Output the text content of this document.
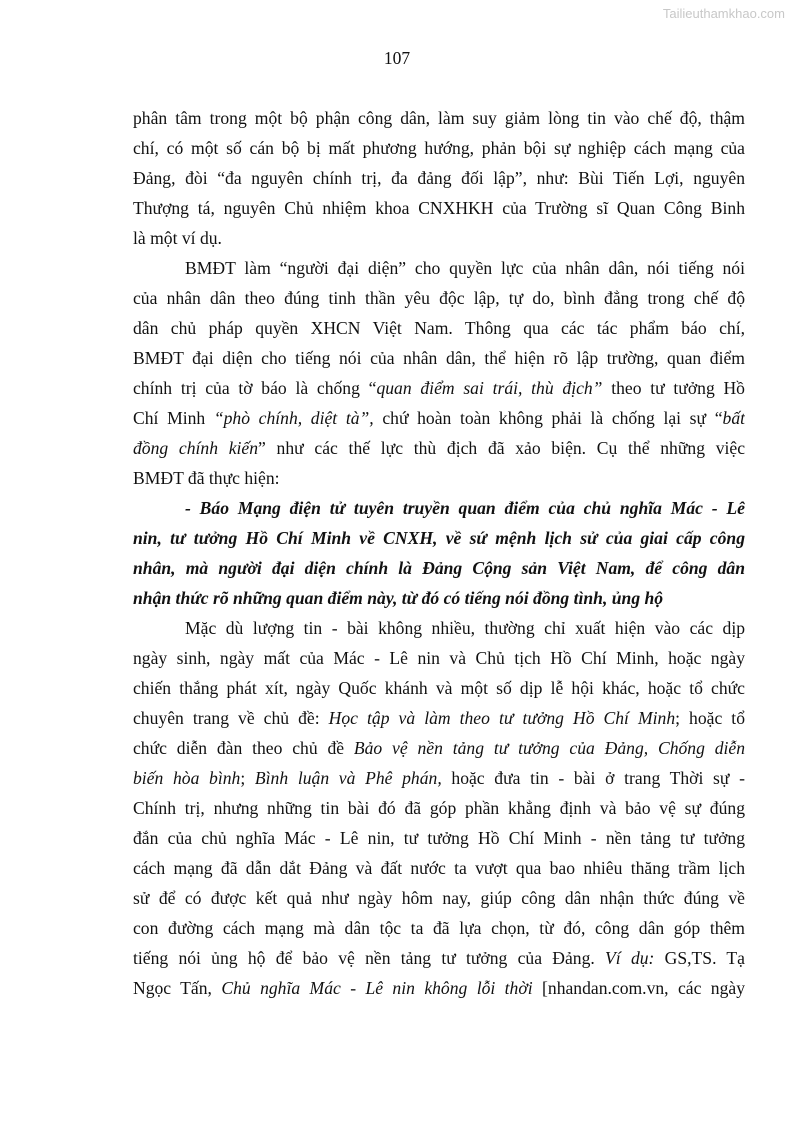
Tailieuthamkhao.com
107
phân tâm trong một bộ phận công dân, làm suy giảm lòng tin vào chế độ, thậm
chí, có một số cán bộ bị mất phương hướng, phản bội sự nghiệp cách mạng của
Đảng, đòi “đa nguyên chính trị, đa đảng đối lập”, như: Bùi Tiến Lợi, nguyên
Thượng tá, nguyên Chủ nhiệm khoa CNXHKH của Trường sĩ Quan Công Binh
là một ví dụ.
BMĐT làm “người đại diện” cho quyền lực của nhân dân, nói tiếng nói
của nhân dân theo đúng tinh thần yêu độc lập, tự do, bình đẳng trong chế độ
dân chủ pháp quyền XHCN Việt Nam. Thông qua các tác phẩm báo chí,
BMĐT đại diện cho tiếng nói của nhân dân, thể hiện rõ lập trường, quan điểm
chính trị của tờ báo là chống “quan điểm sai trái, thù địch” theo tư tưởng Hồ
Chí Minh “phò chính, diệt tà”, chứ hoàn toàn không phải là chống lại sự “bất
đồng chính kiến” như các thế lực thù địch đã xảo biện. Cụ thể những việc
BMĐT đã thực hiện:
- Báo Mạng điện tử tuyên truyền quan điểm của chủ nghĩa Mác - Lê
nin, tư tưởng Hồ Chí Minh về CNXH, về sứ mệnh lịch sử của giai cấp công
nhân, mà người đại diện chính là Đảng Cộng sản Việt Nam, để công dân
nhận thức rõ những quan điểm này, từ đó có tiếng nói đồng tình, ủng hộ
Mặc dù lượng tin - bài không nhiều, thường chỉ xuất hiện vào các dịp
ngày sinh, ngày mất của Mác - Lê nin và Chủ tịch Hồ Chí Minh, hoặc ngày
chiến thắng phát xít, ngày Quốc khánh và một số dịp lễ hội khác, hoặc tổ chức
chuyên trang về chủ đề: Học tập và làm theo tư tưởng Hồ Chí Minh; hoặc tổ
chức diễn đàn theo chủ đề Bảo vệ nền tảng tư tưởng của Đảng, Chống diễn
biến hòa bình; Bình luận và Phê phán, hoặc đưa tin - bài ở trang Thời sự -
Chính trị, nhưng những tin bài đó đã góp phần khẳng định và bảo vệ sự đúng
đắn của chủ nghĩa Mác - Lê nin, tư tưởng Hồ Chí Minh - nền tảng tư tưởng
cách mạng đã dẫn dắt Đảng và đất nước ta vượt qua bao nhiêu thăng trầm lịch
sử để có được kết quả như ngày hôm nay, giúp công dân nhận thức đúng về
con đường cách mạng mà dân tộc ta đã lựa chọn, từ đó, công dân góp thêm
tiếng nói ủng hộ để bảo vệ nền tảng tư tưởng của Đảng. Ví dụ: GS,TS. Tạ
Ngọc Tấn, Chủ nghĩa Mác - Lê nin không lỗi thời [nhandan.com.vn, các ngày
